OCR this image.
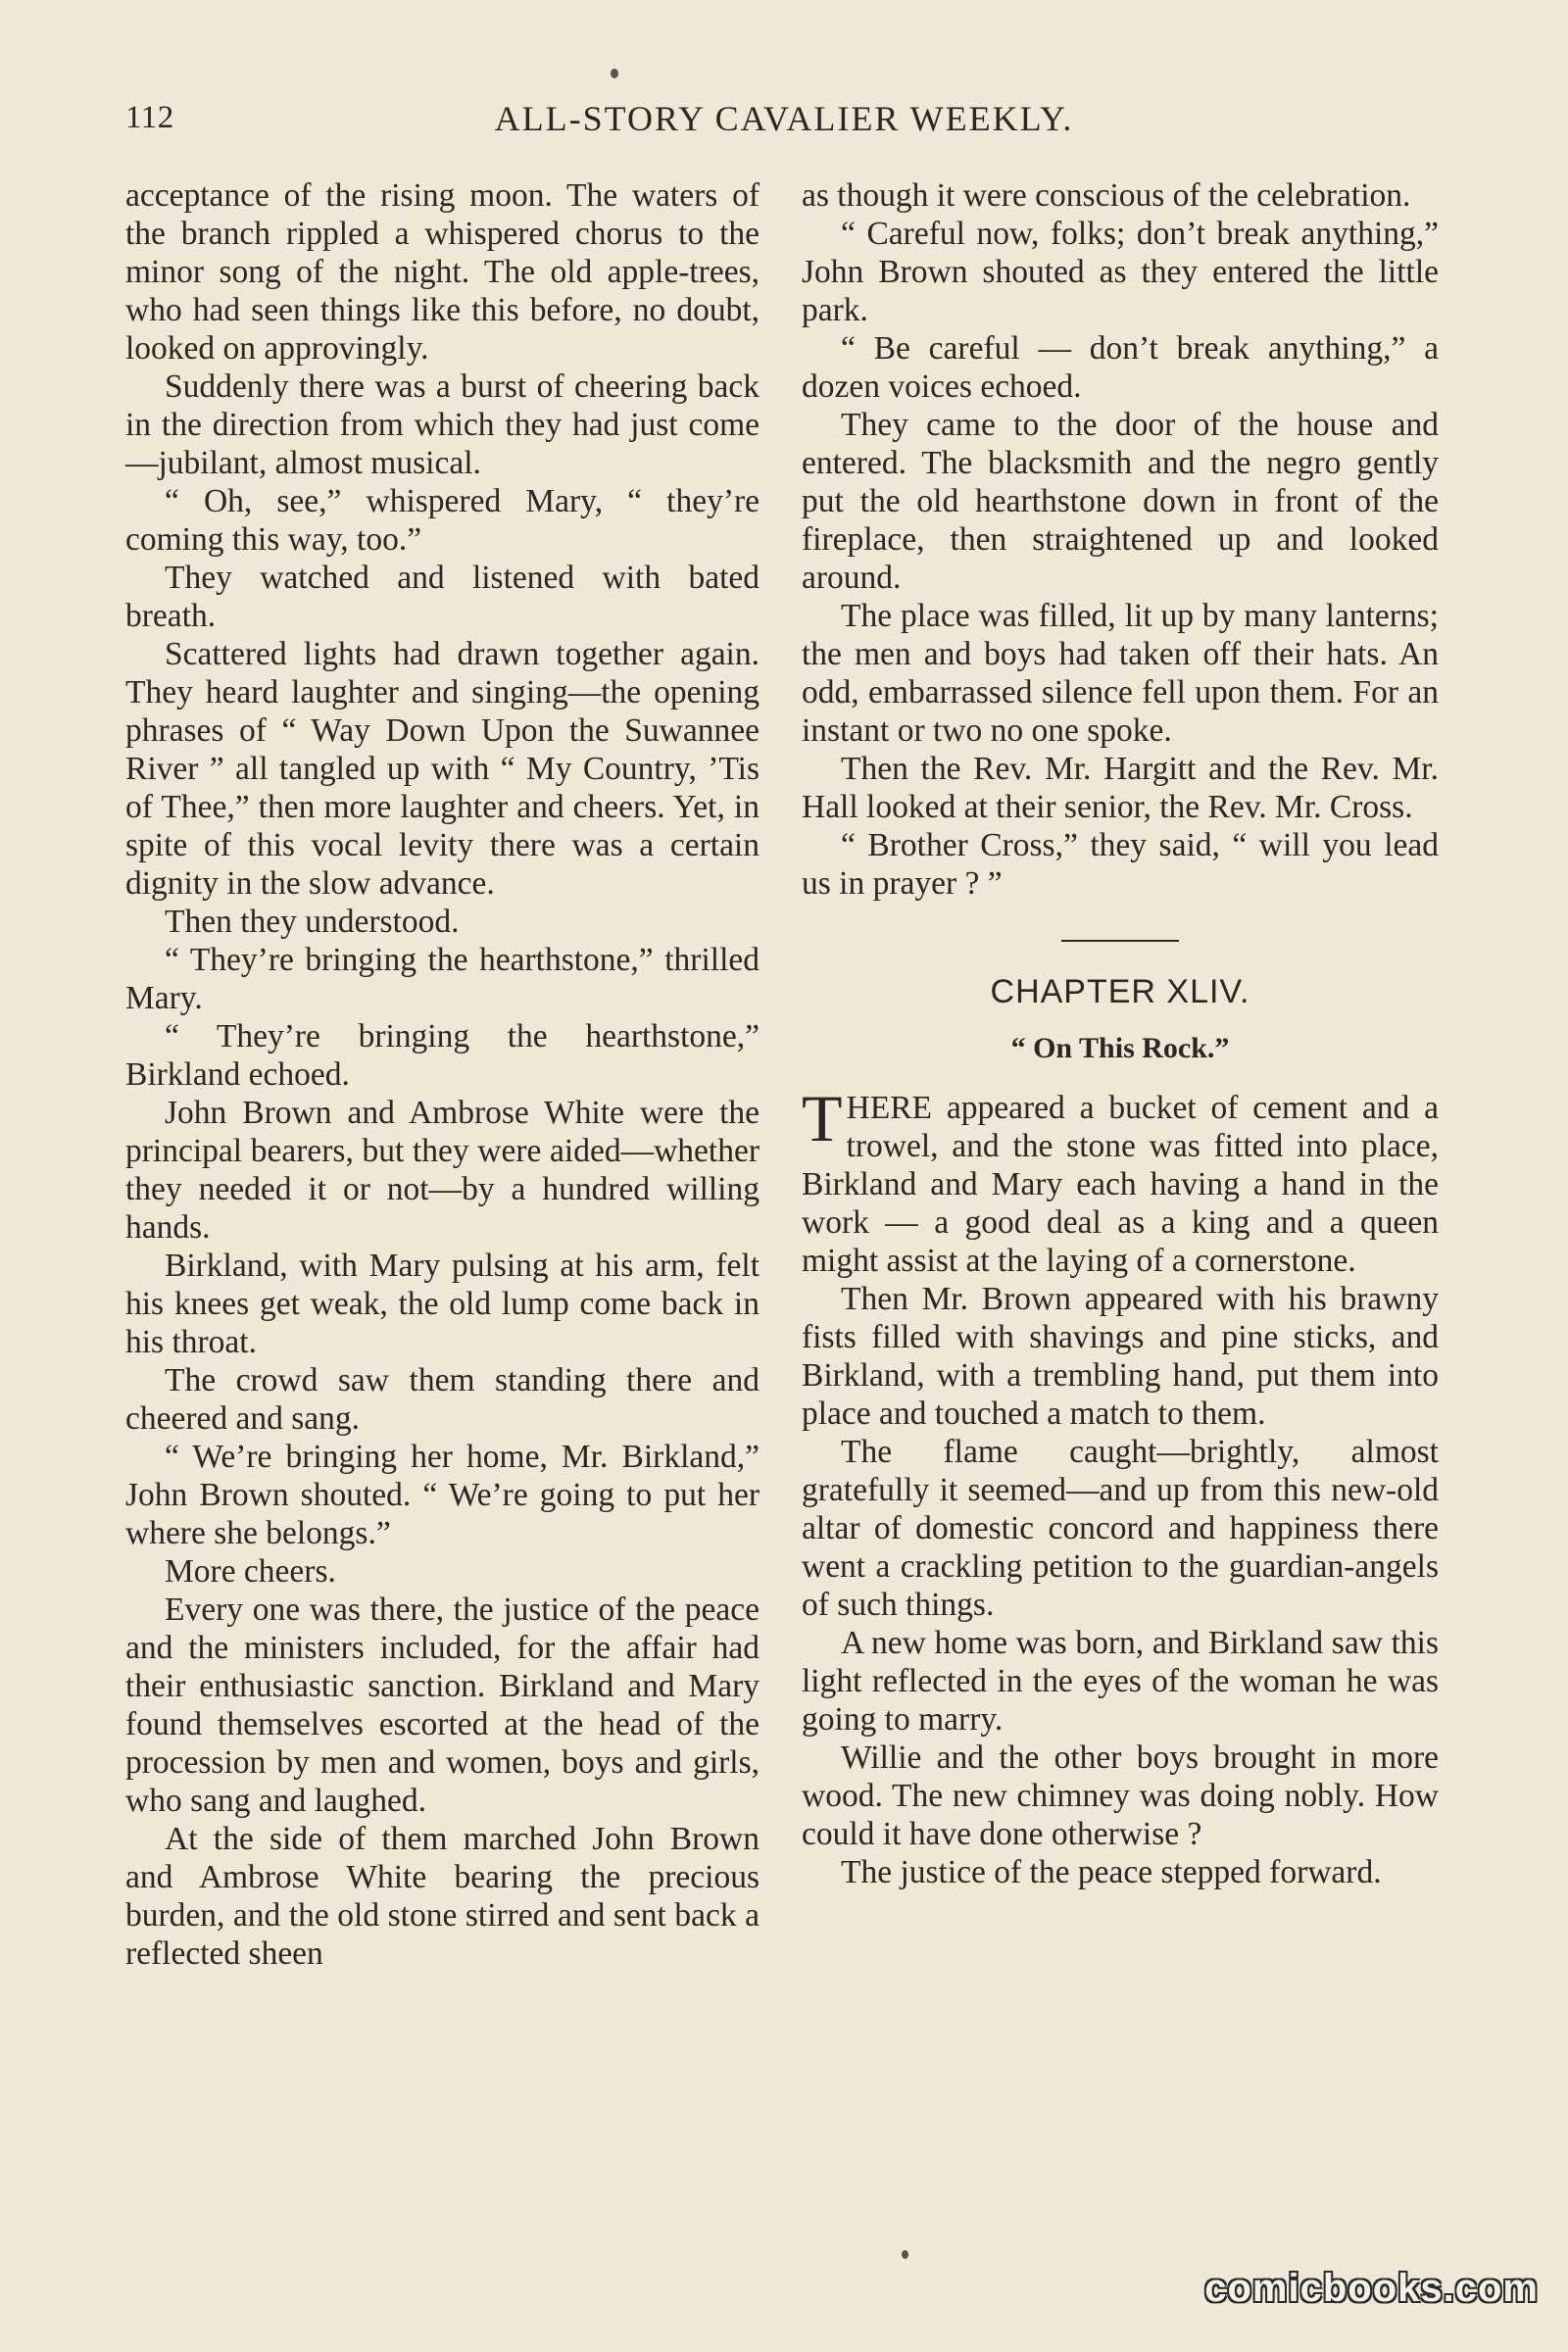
112	ALL-STORY CAVALIER WEEKLY.

acceptance of the rising moon. The waters of the branch rippled a whispered chorus to the minor song of the night. The old apple-trees, who had seen things like this before, no doubt, looked on approvingly.

Suddenly there was a burst of cheering back in the direction from which they had just come—jubilant, almost musical.

“ Oh, see,” whispered Mary, “ they’re coming this way, too.”

They watched and listened with bated breath.

Scattered lights had drawn together again. They heard laughter and singing—the opening phrases of “ Way Down Upon the Suwannee River ” all tangled up with “ My Country, ’Tis of Thee,” then more laughter and cheers. Yet, in spite of this vocal levity there was a certain dignity in the slow advance.

Then they understood.

“ They’re bringing the hearthstone,” thrilled Mary.

“ They’re bringing the hearthstone,” Birkland echoed.

John Brown and Ambrose White were the principal bearers, but they were aided—whether they needed it or not—by a hundred willing hands.

Birkland, with Mary pulsing at his arm, felt his knees get weak, the old lump come back in his throat.

The crowd saw them standing there and cheered and sang.

“ We’re bringing her home, Mr. Birkland,” John Brown shouted. “ We’re going to put her where she belongs.”

More cheers.

Every one was there, the justice of the peace and the ministers included, for the affair had their enthusiastic sanction. Birkland and Mary found themselves escorted at the head of the procession by men and women, boys and girls, who sang and laughed.

At the side of them marched John Brown and Ambrose White bearing the precious burden, and the old stone stirred and sent back a reflected sheen

as though it were conscious of the celebration.

“ Careful now, folks; don’t break anything,” John Brown shouted as they entered the little park.

“ Be careful — don’t break anything,” a dozen voices echoed.

They came to the door of the house and entered. The blacksmith and the negro gently put the old hearthstone down in front of the fireplace, then straightened up and looked around.

The place was filled, lit up by many lanterns; the men and boys had taken off their hats. An odd, embarrassed silence fell upon them. For an instant or two no one spoke.

Then the Rev. Mr. Hargitt and the Rev. Mr. Hall looked at their senior, the Rev. Mr. Cross.

“ Brother Cross,” they said, “ will you lead us in prayer ? ”

CHAPTER XLIV.
“ On This Rock.”

THERE appeared a bucket of cement and a trowel, and the stone was fitted into place, Birkland and Mary each having a hand in the work — a good deal as a king and a queen might assist at the laying of a cornerstone.

Then Mr. Brown appeared with his brawny fists filled with shavings and pine sticks, and Birkland, with a trembling hand, put them into place and touched a match to them.

The flame caught—brightly, almost gratefully it seemed—and up from this new-old altar of domestic concord and happiness there went a crackling petition to the guardian-angels of such things.

A new home was born, and Birkland saw this light reflected in the eyes of the woman he was going to marry.

Willie and the other boys brought in more wood. The new chimney was doing nobly. How could it have done otherwise ?

The justice of the peace stepped forward.

comicbooks.com
